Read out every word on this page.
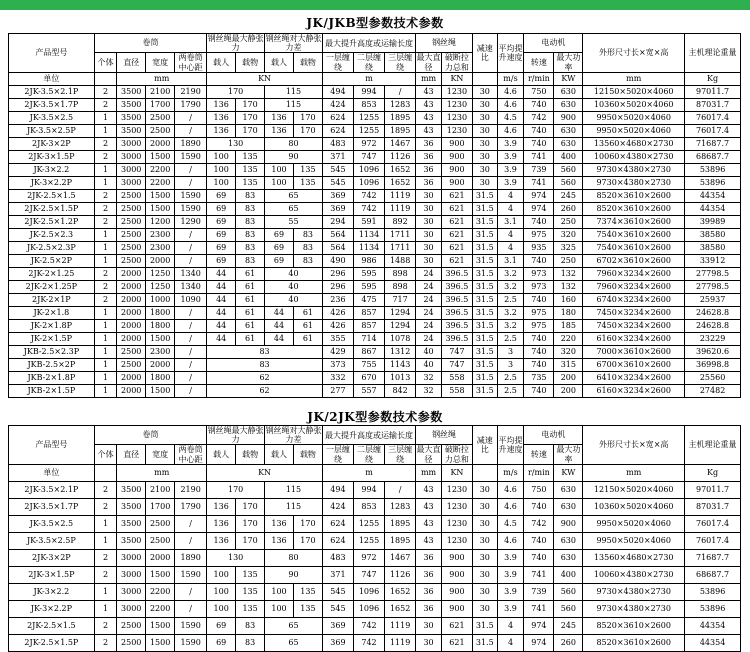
JK/JKB型参数技术参数
产品型号	卷筒				钢丝绳最大静张力		钢丝绳对大静张力差		最大提升高度或运输长度			钢丝绳		减速比	平均提升速度	电动机		外形尺寸长×宽×高	主机理论重量
	个体	直径	宽度	两卷筒中心距	载人	载物	载人	载物	一层缠绕	二层缠绕	三层缠绕	最大直径	破断拉力总和			转速	最大功率		
单位		mm			KN				m			mm	KN		m/s	r/min	KW	mm	Kg
2JK-3.5×2.1P	2	3500	2100	2190	170		115		494	994	/	43	1230	30	4.6	750	630	12150×5020×4060	97011.7
2JK-3.5×1.7P	2	3500	1700	1790	136	170	115		424	853	1283	43	1230	30	4.6	740	630	10360×5020×4060	87031.7
JK-3.5×2.5	1	3500	2500	/	136	170	136	170	624	1255	1895	43	1230	30	4.5	742	900	9950×5020×4060	76017.4
JK-3.5×2.5P	1	3500	2500	/	136	170	136	170	624	1255	1895	43	1230	30	4.6	740	630	9950×5020×4060	76017.4
2JK-3×2P	2	3000	2000	1890	130		80		483	972	1467	36	900	30	3.9	740	630	13560×4680×2730	71687.7
2JK-3×1.5P	2	3000	1500	1590	100	135	90		371	747	1126	36	900	30	3.9	741	400	10060×4380×2730	68687.7
JK-3×2.2	1	3000	2200	/	100	135	100	135	545	1096	1652	36	900	30	3.9	739	560	9730×4380×2730	53896
JK-3×2.2P	1	3000	2200	/	100	135	100	135	545	1096	1652	36	900	30	3.9	741	560	9730×4380×2730	53896
2JK-2.5×1.5	2	2500	1500	1590	69	83	65		369	742	1119	30	621	31.5	4	974	245	8520×3610×2600	44354
2JK-2.5×1.5P	2	2500	1500	1590	69	83	65		369	742	1119	30	621	31.5	4	974	260	8520×3610×2600	44354
2JK-2.5×1.2P	2	2500	1200	1290	69	83	55		294	591	892	30	621	31.5	3.1	740	250	7374×3610×2600	39989
JK-2.5×2.3	1	2500	2300	/	69	83	69	83	564	1134	1711	30	621	31.5	4	975	320	7540×3610×2600	38580
JK-2.5×2.3P	1	2500	2300	/	69	83	69	83	564	1134	1711	30	621	31.5	4	935	325	7540×3610×2600	38580
JK-2.5×2P	1	2500	2000	/	69	83	69	83	490	986	1488	30	621	31.5	3.1	740	250	6702×3610×2600	33912
2JK-2×1.25	2	2000	1250	1340	44	61	40		296	595	898	24	396.5	31.5	3.2	973	132	7960×3234×2600	27798.5
2JK-2×1.25P	2	2000	1250	1340	44	61	40		296	595	898	24	396.5	31.5	3.2	973	132	7960×3234×2600	27798.5
2JK-2×1P	2	2000	1000	1090	44	61	40		236	475	717	24	396.5	31.5	2.5	740	160	6740×3234×2600	25937
JK-2×1.8	1	2000	1800	/	44	61	44	61	426	857	1294	24	396.5	31.5	3.2	975	180	7450×3234×2600	24628.8
JK-2×1.8P	1	2000	1800	/	44	61	44	61	426	857	1294	24	396.5	31.5	3.2	975	185	7450×3234×2600	24628.8
JK-2×1.5P	1	2000	1500	/	44	61	44	61	355	714	1078	24	396.5	31.5	2.5	740	220	6160×3234×2600	23229
JKB-2.5×2.3P	1	2500	2300	/	83				429	867	1312	40	747	31.5	3	740	320	7000×3610×2600	39620.6
JKB-2.5×2P	1	2500	2000	/	83				373	755	1143	40	747	31.5	3	740	315	6700×3610×2600	36998.8
JKB-2×1.8P	1	2000	1800	/	62				332	670	1013	32	558	31.5	2.5	735	200	6410×3234×2600	25560
JKB-2×1.5P	1	2000	1500	/	62				277	557	842	32	558	31.5	2.5	740	200	6160×3234×2600	27482
JK/2JK型参数技术参数
产品型号	卷筒				钢丝绳最大静张力		钢丝绳对大静张力差		最大提升高度或运输长度			钢丝绳		减速比	平均提升速度	电动机		外形尺寸长×宽×高	主机理论重量
	个体	直径	宽度	两卷筒中心距	载人	载物	载人	载物	一层缠绕	二层缠绕	三层缠绕	最大直径	破断拉力总和			转速	最大功率		
单位		mm			KN				m			mm	KN		m/s	r/min	KW	mm	Kg
2JK-3.5×2.1P	2	3500	2100	2190	170		115		494	994	/	43	1230	30	4.6	750	630	12150×5020×4060	97011.7
2JK-3.5×1.7P	2	3500	1700	1790	136	170	115		424	853	1283	43	1230	30	4.6	740	630	10360×5020×4060	87031.7
JK-3.5×2.5	1	3500	2500	/	136	170	136	170	624	1255	1895	43	1230	30	4.5	742	900	9950×5020×4060	76017.4
JK-3.5×2.5P	1	3500	2500	/	136	170	136	170	624	1255	1895	43	1230	30	4.6	740	630	9950×5020×4060	76017.4
2JK-3×2P	2	3000	2000	1890	130		80		483	972	1467	36	900	30	3.9	740	630	13560×4680×2730	71687.7
2JK-3×1.5P	2	3000	1500	1590	100	135	90		371	747	1126	36	900	30	3.9	741	400	10060×4380×2730	68687.7
JK-3×2.2	1	3000	2200	/	100	135	100	135	545	1096	1652	36	900	30	3.9	739	560	9730×4380×2730	53896
JK-3×2.2P	1	3000	2200	/	100	135	100	135	545	1096	1652	36	900	30	3.9	741	560	9730×4380×2730	53896
2JK-2.5×1.5	2	2500	1500	1590	69	83	65		369	742	1119	30	621	31.5	4	974	245	8520×3610×2600	44354
2JK-2.5×1.5P	2	2500	1500	1590	69	83	65		369	742	1119	30	621	31.5	4	974	260	8520×3610×2600	44354
